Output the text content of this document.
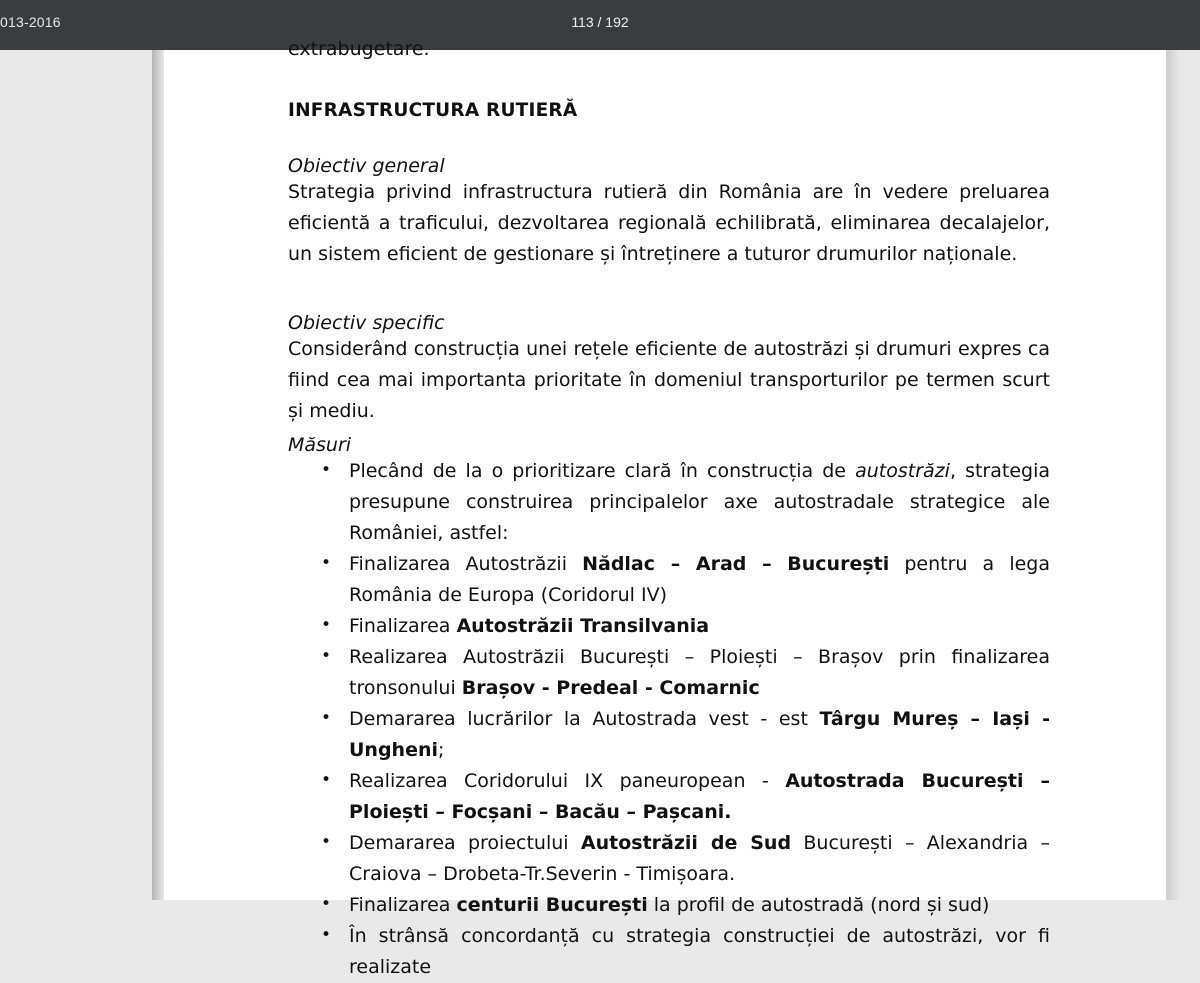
013-2016	113 / 192
extrabugetare.
INFRASTRUCTURA RUTIERĂ
Obiectiv general
Strategia privind infrastructura rutieră din România are în vedere preluarea eficientă a traficului, dezvoltarea regională echilibrată, eliminarea decalajelor, un sistem eficient de gestionare și întreținere a tuturor drumurilor naționale.
Obiectiv specific
Considerând construcția unei rețele eficiente de autostrăzi și drumuri expres ca fiind cea mai importanta prioritate în domeniul transporturilor pe termen scurt și mediu.
Măsuri
• Plecând de la o prioritizare clară în construcția de autostrăzi, strategia presupune construirea principalelor axe autostradale strategice ale României, astfel:
• Finalizarea Autostrăzii Nădlac – Arad – București pentru a lega România de Europa (Coridorul IV)
• Finalizarea Autostrăzii Transilvania
• Realizarea Autostrăzii București – Ploiești – Brașov prin finalizarea tronsonului Brașov - Predeal - Comarnic
• Demararea lucrărilor la Autostrada vest - est Târgu Mureș – Iași - Ungheni;
• Realizarea Coridorului IX paneuropean - Autostrada București – Ploiești – Focșani – Bacău – Pașcani.
• Demararea proiectului Autostrăzii de Sud București – Alexandria – Craiova – Drobeta-Tr.Severin - Timișoara.
• Finalizarea centurii București la profil de autostradă (nord și sud)
• În strânsă concordanță cu strategia construcției de autostrăzi, vor fi realizate
